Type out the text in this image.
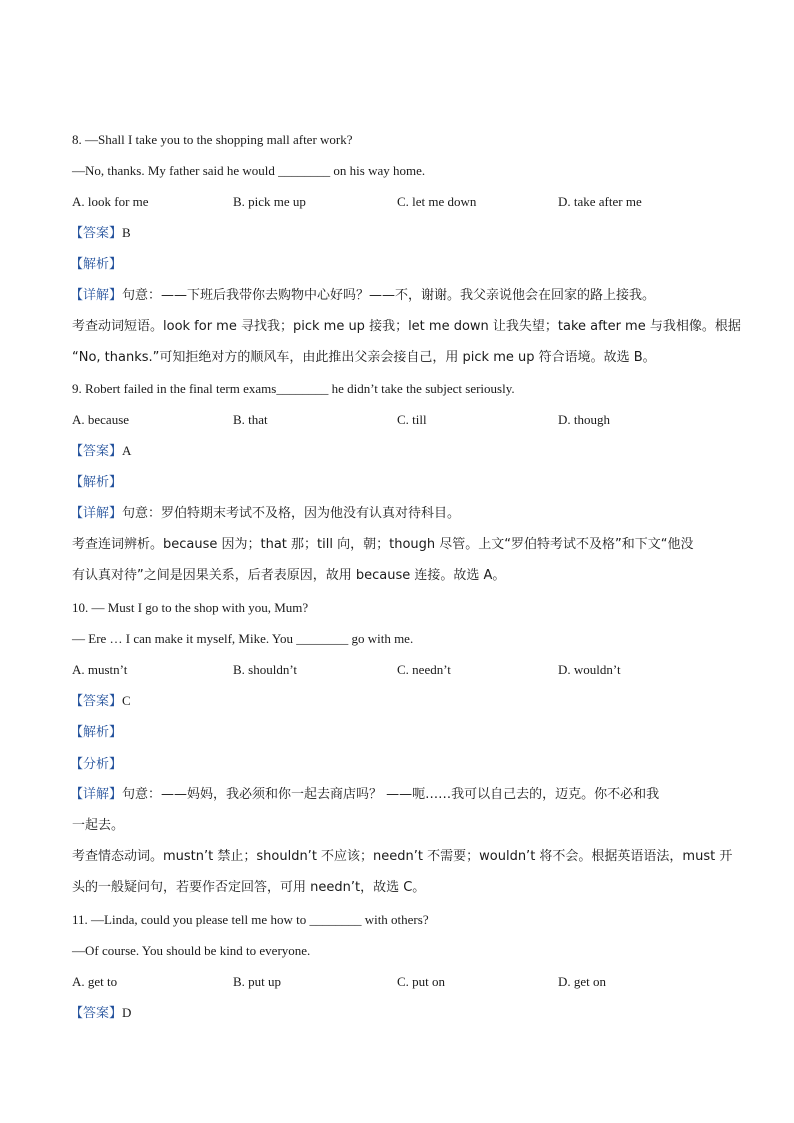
8. —Shall I take you to the shopping mall after work?
—No, thanks. My father said he would ________ on his way home.
A. look for me	B. pick me up	C. let me down	D. take after me
【答案】B
【解析】
【详解】句意：——下班后我带你去购物中心好吗？——不，谢谢。我父亲说他会在回家的路上接我。
考查动词短语。look for me 寻找我；pick me up 接我；let me down 让我失望；take after me 与我相像。根据
“No, thanks.”可知拒绝对方的顺风车，由此推出父亲会接自己，用 pick me up 符合语境。故选 B。
9. Robert failed in the final term exams________ he didn’t take the subject seriously.
A. because	B. that	C. till	D. though
【答案】A
【解析】
【详解】句意：罗伯特期末考试不及格，因为他没有认真对待科目。
考查连词辨析。because 因为；that 那；till 向，朝；though 尽管。上文“罗伯特考试不及格”和下文“他没
有认真对待”之间是因果关系，后者表原因，故用 because 连接。故选 A。
10. — Must I go to the shop with you, Mum?
— Ere … I can make it myself, Mike. You ________ go with me.
A. mustn’t	B. shouldn’t	C. needn’t	D. wouldn’t
【答案】C
【解析】
【分析】
【详解】句意：——妈妈，我必须和你一起去商店吗？ ——呃……我可以自己去的，迈克。你不必和我
一起去。
考查情态动词。mustn’t 禁止；shouldn’t 不应该；needn’t 不需要；wouldn’t 将不会。根据英语语法，must 开
头的一般疑问句，若要作否定回答，可用 needn’t，故选 C。
11. —Linda, could you please tell me how to ________ with others?
—Of course. You should be kind to everyone.
A. get to	B. put up	C. put on	D. get on
【答案】D
